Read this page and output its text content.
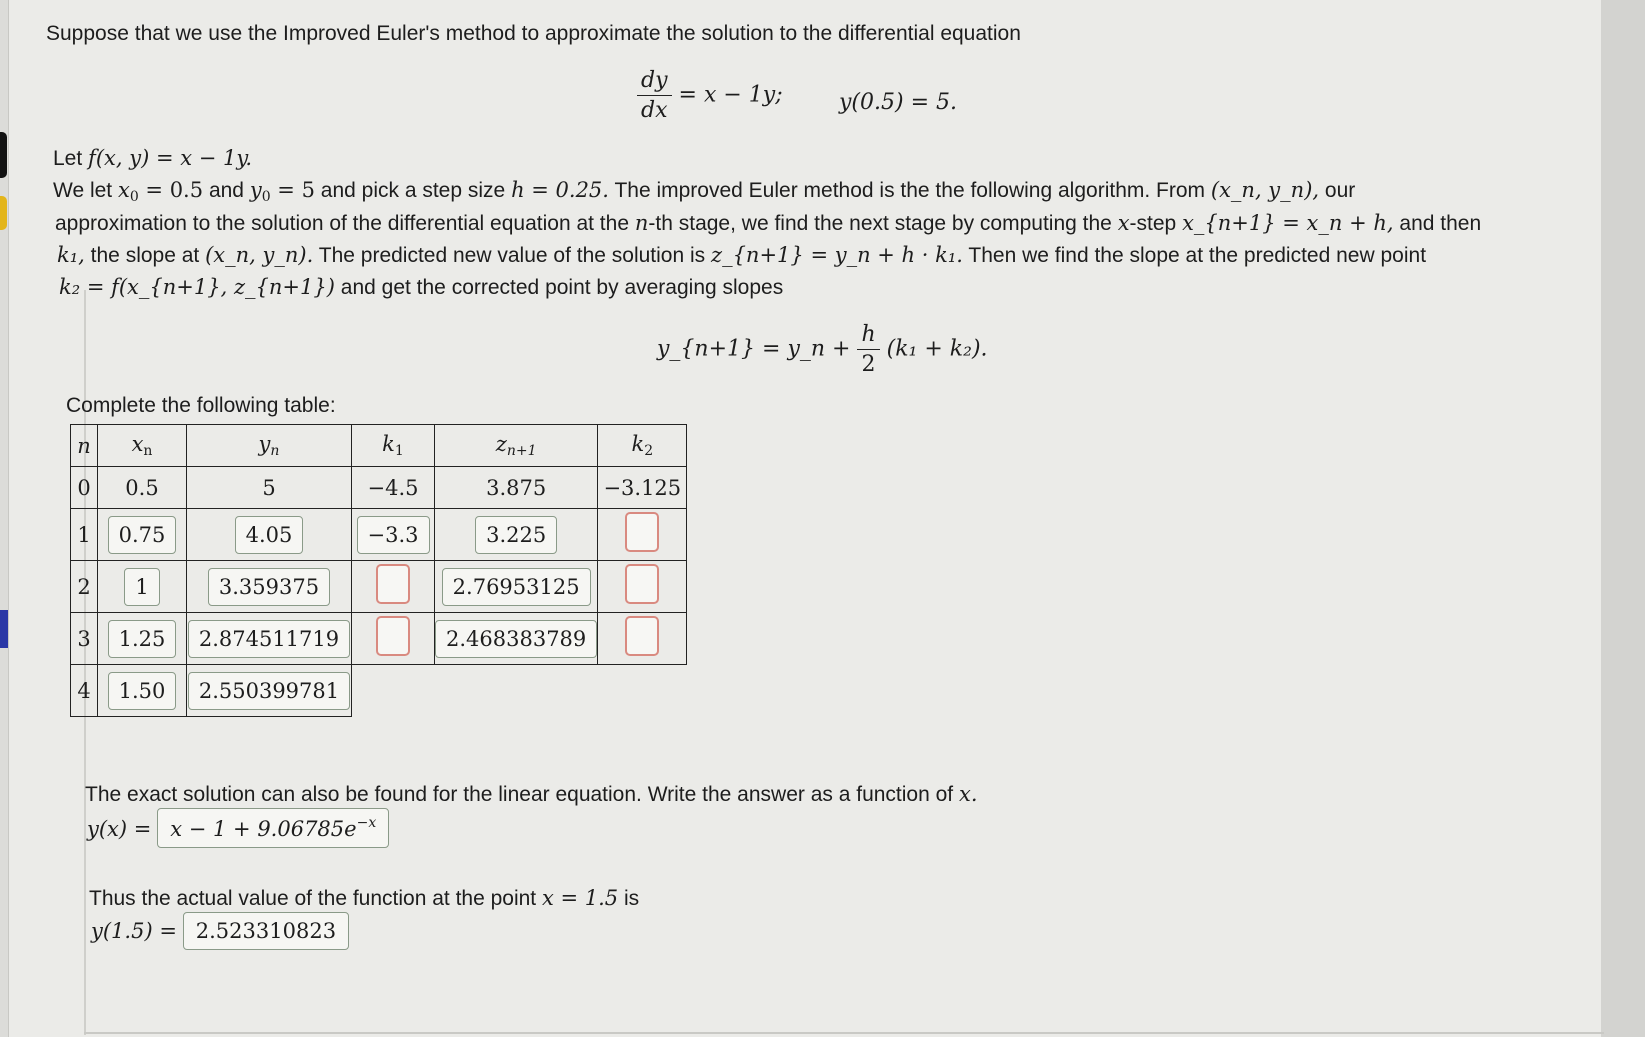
Suppose that we use the Improved Euler's method to approximate the solution to the differential equation
$\frac{dy}{dx} = x - 1y$;	y(0.5) = 5.
Let f(x, y) = x − 1y.
We let $x_0 = 0.5$ and $y_0 = 5$ and pick a step size h = 0.25. The improved Euler method is the the following algorithm. From (x_n, y_n), our
approximation to the solution of the differential equation at the n-th stage, we find the next stage by computing the x-step x_{n+1} = x_n + h, and then
k₁, the slope at (x_n, y_n). The predicted new value of the solution is z_{n+1} = y_n + h · k₁. Then we find the slope at the predicted new point
k₂ = f(x_{n+1}, z_{n+1}) and get the corrected point by averaging slopes
y_{n+1} = y_n + $\frac{h}{2} (k_1 + k_2)$.
Complete the following table:
n	$x_n$	$y_n$	$k_1$	$z_{n+1}$	$k_2$
0	0.5	5	−4.5	3.875	−3.125
1	0.75	4.05	−3.3	3.225	
2	1	3.359375		2.76953125	
3	1.25	2.874511719		2.468383789	
4	1.50	2.550399781			
The exact solution can also be found for the linear equation. Write the answer as a function of x.
$y(x) = x - 1 + 9.06785e^{-x}$
Thus the actual value of the function at the point x = 1.5 is
y(1.5) = 2.523310823
